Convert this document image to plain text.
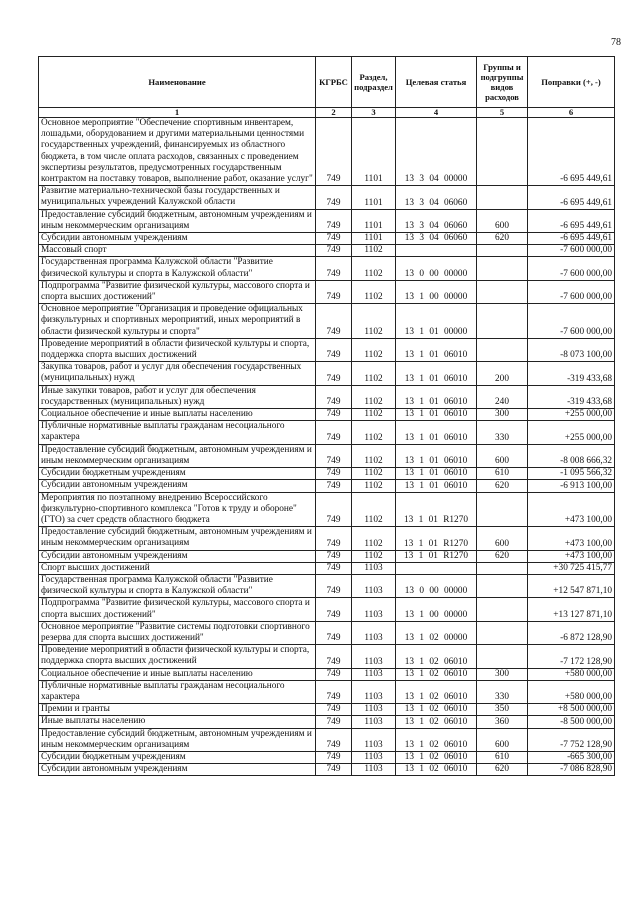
78
Наименование	КГРБС	Раздел, подраздел	Целевая статья	Группы и подгруппы видов расходов	Поправки (+, -)
1	2	3	4	5	6
Основное мероприятие "Обеспечение спортивным инвентарем, лошадьми, оборудованием и другими материальными ценностями государственных учреждений, финансируемых из областного бюджета, в том числе оплата расходов, связанных с проведением экспертизы результатов, предусмотренных государственным контрактом на поставку товаров, выполнение работ, оказание услуг"	749	1101	13 3 04 00000		-6 695 449,61
Развитие материально-технической базы государственных и муниципальных учреждений Калужской области	749	1101	13 3 04 06060		-6 695 449,61
Предоставление субсидий бюджетным, автономным учреждениям и иным некоммерческим организациям	749	1101	13 3 04 06060	600	-6 695 449,61
Субсидии автономным учреждениям	749	1101	13 3 04 06060	620	-6 695 449,61
Массовый спорт	749	1102			-7 600 000,00
Государственная программа Калужской области "Развитие физической культуры и спорта в Калужской области"	749	1102	13 0 00 00000		-7 600 000,00
Подпрограмма "Развитие физической культуры, массового спорта и спорта высших достижений"	749	1102	13 1 00 00000		-7 600 000,00
Основное мероприятие "Организация и проведение официальных физкультурных и спортивных мероприятий, иных мероприятий в области физической культуры и спорта"	749	1102	13 1 01 00000		-7 600 000,00
Проведение мероприятий в области физической культуры и спорта, поддержка спорта высших достижений	749	1102	13 1 01 06010		-8 073 100,00
Закупка товаров, работ и услуг для обеспечения государственных (муниципальных) нужд	749	1102	13 1 01 06010	200	-319 433,68
Иные закупки товаров, работ и услуг для обеспечения государственных (муниципальных) нужд	749	1102	13 1 01 06010	240	-319 433,68
Социальное обеспечение и иные выплаты населению	749	1102	13 1 01 06010	300	+255 000,00
Публичные нормативные выплаты гражданам несоциального характера	749	1102	13 1 01 06010	330	+255 000,00
Предоставление субсидий бюджетным, автономным учреждениям и иным некоммерческим организациям	749	1102	13 1 01 06010	600	-8 008 666,32
Субсидии бюджетным учреждениям	749	1102	13 1 01 06010	610	-1 095 566,32
Субсидии автономным учреждениям	749	1102	13 1 01 06010	620	-6 913 100,00
Мероприятия по поэтапному внедрению Всероссийского физкультурно-спортивного комплекса "Готов к труду и обороне" (ГТО) за счет средств областного бюджета	749	1102	13 1 01 R1270		+473 100,00
Предоставление субсидий бюджетным, автономным учреждениям и иным некоммерческим организациям	749	1102	13 1 01 R1270	600	+473 100,00
Субсидии автономным учреждениям	749	1102	13 1 01 R1270	620	+473 100,00
Спорт высших достижений	749	1103			+30 725 415,77
Государственная программа Калужской области "Развитие физической культуры и спорта в Калужской области"	749	1103	13 0 00 00000		+12 547 871,10
Подпрограмма "Развитие физической культуры, массового спорта и спорта высших достижений"	749	1103	13 1 00 00000		+13 127 871,10
Основное мероприятие "Развитие системы подготовки спортивного резерва для спорта высших достижений"	749	1103	13 1 02 00000		-6 872 128,90
Проведение мероприятий в области физической культуры и спорта, поддержка спорта высших достижений	749	1103	13 1 02 06010		-7 172 128,90
Социальное обеспечение и иные выплаты населению	749	1103	13 1 02 06010	300	+580 000,00
Публичные нормативные выплаты гражданам несоциального характера	749	1103	13 1 02 06010	330	+580 000,00
Премии и гранты	749	1103	13 1 02 06010	350	+8 500 000,00
Иные выплаты населению	749	1103	13 1 02 06010	360	-8 500 000,00
Предоставление субсидий бюджетным, автономным учреждениям и иным некоммерческим организациям	749	1103	13 1 02 06010	600	-7 752 128,90
Субсидии бюджетным учреждениям	749	1103	13 1 02 06010	610	-665 300,00
Субсидии автономным учреждениям	749	1103	13 1 02 06010	620	-7 086 828,90
